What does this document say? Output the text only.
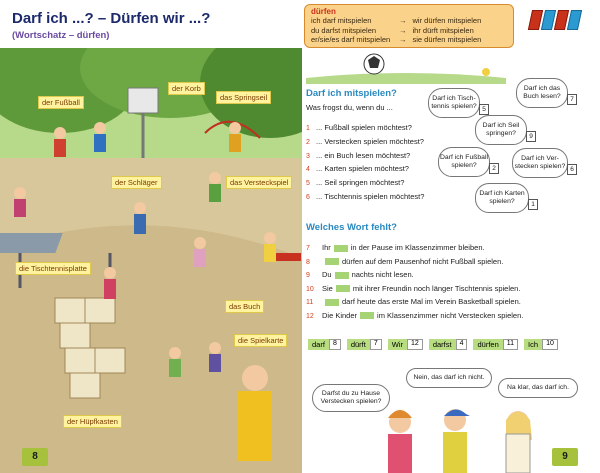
Darf ich ...? – Dürfen wir ...?
(Wortschatz – dürfen)
der Fußball
der Korb
das Springseil
der Schläger	das Versteckspiel
die Tischtennisplatte
das Buch
die Spielkarte
der Hüpfkasten
8
dürfen
ich darf mitspielen	→ wir dürfen mitspielen
du darfst mitspielen	→ ihr dürft mitspielen
er/sie/es darf mitspielen	→ sie dürfen mitspielen
Darf ich mitspielen?
Was frogst du, wenn du ...
1 ... Fußball spielen möchtest?
2 ... Verstecken spielen möchtest?
3 ... ein Buch lesen möchtest?
4 ... Karten spielen möchtest?
5 ... Seil springen möchtest?
6 ... Tischtennis spielen möchtest?
Darf ich Tisch-tennis spielen? 5
Darf ich das Buch lesen?	7
Darf ich Seil springen?	9
Darf ich Fußball spielen?	2
Darf ich Ver-stecken spielen? 6
Darf ich Karten spielen?	1
Welches Wort fehlt?
7 Ihr	in der Pause im Klassenzimmer bleiben.
8	dürfen auf dem Pausenhof nicht Fußball spielen.
9 Du	nachts nicht lesen.
10 Sie	mit ihrer Freundin noch länger Tischtennis spielen.
11	darf heute das erste Mal im Verein Basketball spielen.
12 Die Kinder	im Klassenzimmer nicht Verstecken spielen.
darf	8	dürft	7	Wir	12	darfst	4	dürfen	11	Ich	10
Darfst du zu Hause Verstecken spielen?
Nein, das darf ich nicht.
Na klar, das darf ich.
9
